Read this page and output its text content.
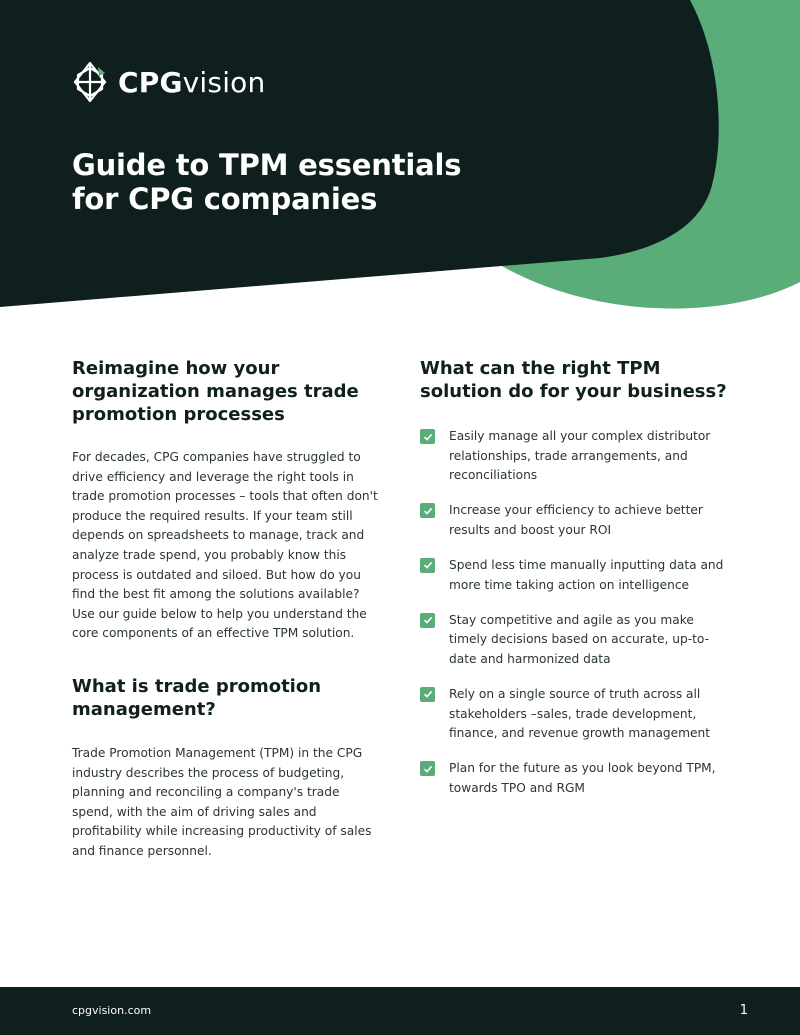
CPGvision
Guide to TPM essentials
for CPG companies
Reimagine how your organization manages trade promotion processes

For decades, CPG companies have struggled to drive efficiency and leverage the right tools in trade promotion processes – tools that often don't produce the required results. If your team still depends on spreadsheets to manage, track and analyze trade spend, you probably know this process is outdated and siloed. But how do you find the best fit among the solutions available? Use our guide below to help you understand the core components of an effective TPM solution.

What is trade promotion management?

Trade Promotion Management (TPM) in the CPG industry describes the process of budgeting, planning and reconciling a company's trade spend, with the aim of driving sales and profitability while increasing productivity of sales and finance personnel.

What can the right TPM solution do for your business?
Easily manage all your complex distributor relationships, trade arrangements, and reconciliations
Increase your efficiency to achieve better results and boost your ROI
Spend less time manually inputting data and more time taking action on intelligence
Stay competitive and agile as you make timely decisions based on accurate, up-to-date and harmonized data
Rely on a single source of truth across all stakeholders –sales, trade development, finance, and revenue growth management
Plan for the future as you look beyond TPM, towards TPO and RGM
cpgvision.com	1
